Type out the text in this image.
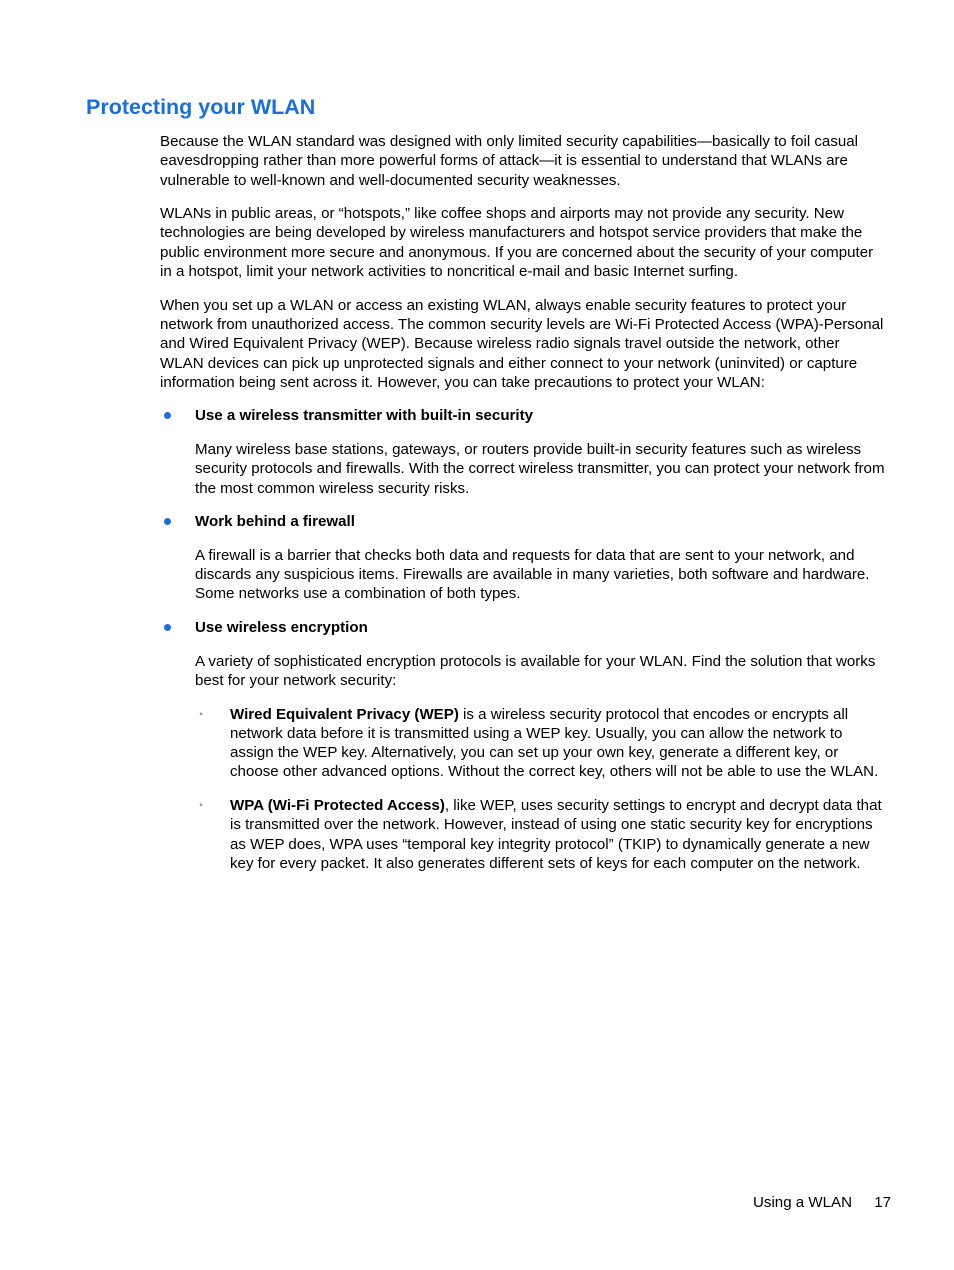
Protecting your WLAN

Because the WLAN standard was designed with only limited security capabilities—basically to foil casual eavesdropping rather than more powerful forms of attack—it is essential to understand that WLANs are vulnerable to well-known and well-documented security weaknesses.

WLANs in public areas, or “hotspots,” like coffee shops and airports may not provide any security. New technologies are being developed by wireless manufacturers and hotspot service providers that make the public environment more secure and anonymous. If you are concerned about the security of your computer in a hotspot, limit your network activities to noncritical e-mail and basic Internet surfing.

When you set up a WLAN or access an existing WLAN, always enable security features to protect your network from unauthorized access. The common security levels are Wi-Fi Protected Access (WPA)-Personal and Wired Equivalent Privacy (WEP). Because wireless radio signals travel outside the network, other WLAN devices can pick up unprotected signals and either connect to your network (uninvited) or capture information being sent across it. However, you can take precautions to protect your WLAN:

Use a wireless transmitter with built-in security

Many wireless base stations, gateways, or routers provide built-in security features such as wireless security protocols and firewalls. With the correct wireless transmitter, you can protect your network from the most common wireless security risks.

Work behind a firewall

A firewall is a barrier that checks both data and requests for data that are sent to your network, and discards any suspicious items. Firewalls are available in many varieties, both software and hardware. Some networks use a combination of both types.

Use wireless encryption

A variety of sophisticated encryption protocols is available for your WLAN. Find the solution that works best for your network security:

◦ Wired Equivalent Privacy (WEP) is a wireless security protocol that encodes or encrypts all network data before it is transmitted using a WEP key. Usually, you can allow the network to assign the WEP key. Alternatively, you can set up your own key, generate a different key, or choose other advanced options. Without the correct key, others will not be able to use the WLAN.
◦ WPA (Wi-Fi Protected Access), like WEP, uses security settings to encrypt and decrypt data that is transmitted over the network. However, instead of using one static security key for encryptions as WEP does, WPA uses “temporal key integrity protocol” (TKIP) to dynamically generate a new key for every packet. It also generates different sets of keys for each computer on the network.
Using a WLAN 17
